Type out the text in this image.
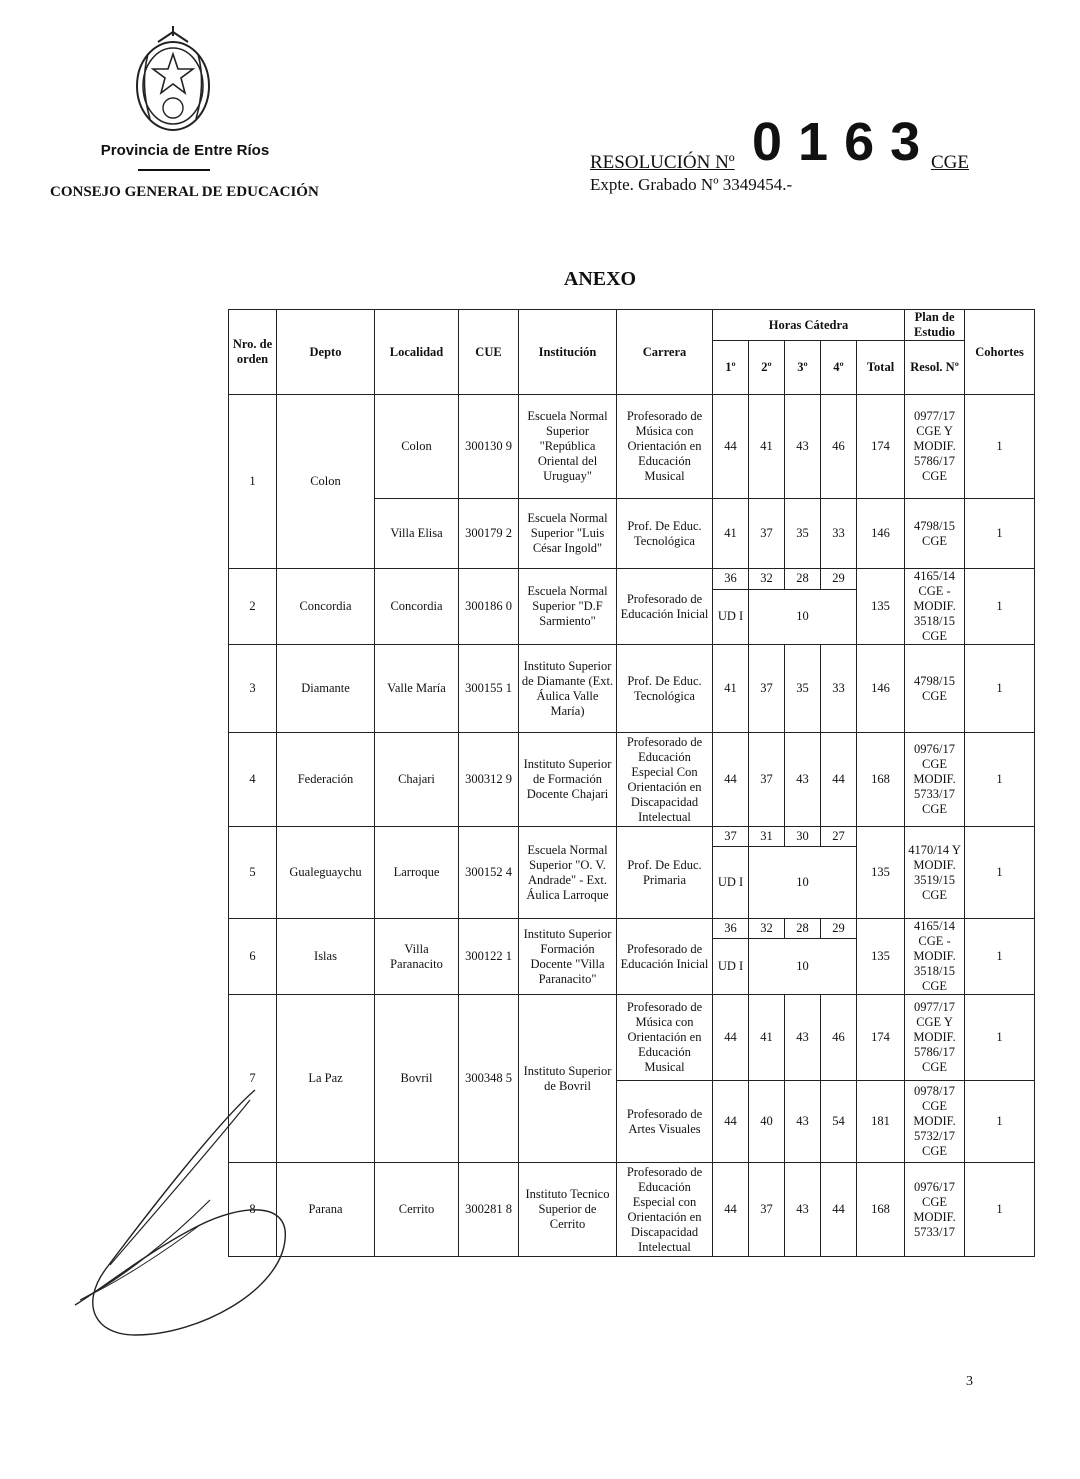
Provincia de Entre Ríos
CONSEJO GENERAL DE EDUCACIÓN
RESOLUCIÓN Nº 0163
CGE
Expte. Grabado Nº 3349454.-
ANEXO
Nro. de orden	Depto	Localidad	CUE	Institución	Carrera	Horas Cátedra					Plan de Estudio	Cohortes
						1º	2º	3º	4º	Total	Resol. Nº	
1	Colon	Colon	300130 9	Escuela Normal Superior "República Oriental del Uruguay"	Profesorado de Música con Orientación en Educación Musical	44	41	43	46	174	0977/17 CGE Y MODIF. 5786/17 CGE	1
		Villa Elisa	300179 2	Escuela Normal Superior "Luis César Ingold"	Prof. De Educ. Tecnológica	41	37	35	33	146	4798/15 CGE	1
2	Concordia	Concordia	300186 0	Escuela Normal Superior "D.F Sarmiento"	Profesorado de Educación Inicial	36	32	28	29	135	4165/14 CGE - MODIF. 3518/15 CGE	1
						UD I	10					
3	Diamante	Valle María	300155 1	Instituto Superior de Diamante (Ext. Áulica Valle María)	Prof. De Educ. Tecnológica	41	37	35	33	146	4798/15 CGE	1
4	Federación	Chajari	300312 9	Instituto Superior de Formación Docente Chajari	Profesorado de Educación Especial Con Orientación en Discapacidad Intelectual	44	37	43	44	168	0976/17 CGE MODIF. 5733/17 CGE	1
5	Gualeguaychu	Larroque	300152 4	Escuela Normal Superior "O. V. Andrade" - Ext. Áulica Larroque	Prof. De Educ. Primaria	37	31	30	27	135	4170/14 Y MODIF. 3519/15 CGE	1
						UD I	10					
6	Islas	Villa Paranacito	300122 1	Instituto Superior Formación Docente "Villa Paranacito"	Profesorado de Educación Inicial	36	32	28	29	135	4165/14 CGE - MODIF. 3518/15 CGE	1
						UD I	10					
7	La Paz	Bovril	300348 5	Instituto Superior de Bovril	Profesorado de Música con Orientación en Educación Musical	44	41	43	46	174	0977/17 CGE Y MODIF. 5786/17 CGE	1
					Profesorado de Artes Visuales	44	40	43	54	181	0978/17 CGE MODIF. 5732/17 CGE	1
8	Parana	Cerrito	300281 8	Instituto Tecnico Superior de Cerrito	Profesorado de Educación Especial con Orientación en Discapacidad Intelectual	44	37	43	44	168	0976/17 CGE MODIF. 5733/17	1
3
